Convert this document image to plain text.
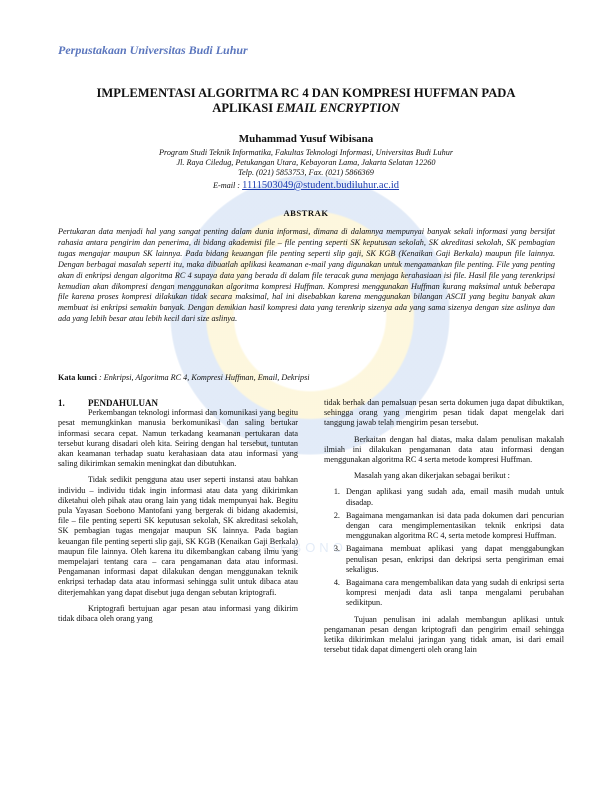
SEBONO
Perpustakaan Universitas Budi Luhur
IMPLEMENTASI ALGORITMA RC 4 DAN KOMPRESI HUFFMAN PADA
APLIKASI EMAIL ENCRYPTION
Muhammad Yusuf Wibisana
Program Studi Teknik Informatika, Fakultas Teknologi Informasi, Universitas Budi Luhur
Jl. Raya Ciledug, Petukangan Utara, Kebayoran Lama, Jakarta Selatan 12260
Telp. (021) 5853753, Fax. (021) 5866369
E-mail : 1111503049@student.budiluhur.ac.id
ABSTRAK

Pertukaran data menjadi hal yang sangat penting dalam dunia informasi, dimana di dalamnya mempunyai banyak sekali informasi yang bersifat rahasia antara pengirim dan penerima, di bidang akademisi file – file penting seperti SK keputusan sekolah, SK akreditasi sekolah, SK pembagian tugas mengajar maupun SK lainnya. Pada bidang keuangan file penting seperti slip gaji, SK KGB (Kenaikan Gaji Berkala) maupun file lainnya. Dengan berbagai masalah seperti itu, maka dibuatlah aplikasi keamanan e-mail yang digunakan untuk mengamankan file penting. File yang penting akan di enkripsi dengan algoritma RC 4 supaya data yang berada di dalam file teracak guna menjaga kerahasiaan isi file. Hasil file yang terenkripsi kemudian akan dikompresi dengan menggunakan algoritma kompresi Huffman. Kompresi menggunakan Huffman kurang maksimal untuk beberapa file karena proses kompresi dilakukan tidak secara maksimal, hal ini disebabkan karena menggunakan bilangan ASCII yang begitu banyak akan membuat isi enkripsi semakin banyak. Dengan demikian hasil kompresi data yang terenkrip sizenya ada yang sama sizenya dengan size aslinya dan ada yang lebih besar atau lebih kecil dari size aslinya.

Kata kunci : Enkripsi, Algoritma RC 4, Kompresi Huffman, Email, Dekripsi
1.	PENDAHULUAN

Perkembangan teknologi informasi dan komunikasi yang begitu pesat memungkinkan manusia berkomunikasi dan saling bertukar informasi secara cepat. Namun terkadang keamanan pertukaran data tersebut kurang disadari oleh kita. Seiring dengan hal tersebut, tuntutan akan keamanan terhadap suatu kerahasiaan data atau informasi yang saling dikirimkan semakin meningkat dan dibutuhkan.

Tidak sedikit pengguna atau user seperti instansi atau bahkan individu – individu tidak ingin informasi atau data yang dikirimkan diketahui oleh pihak atau orang lain yang tidak mempunyai hak. Begitu pula Yayasan Soebono Mantofani yang bergerak di bidang akademisi, file – file penting seperti SK keputusan sekolah, SK akreditasi sekolah, SK pembagian tugas mengajar maupun SK lainnya. Pada bagian keuangan file penting seperti slip gaji, SK KGB (Kenaikan Gaji Berkala) maupun file lainnya. Oleh karena itu dikembangkan cabang ilmu yang mempelajari tentang cara – cara pengamanan data atau informasi. Pengamanan informasi dapat dilakukan dengan menggunakan teknik enkripsi terhadap data atau informasi sehingga sulit untuk dibaca atau diterjemahkan yang dapat disebut juga dengan sebutan kriptografi.

Kriptografi bertujuan agar pesan atau informasi yang dikirim tidak dibaca oleh orang yang

tidak berhak dan pemalsuan pesan serta dokumen juga dapat dibuktikan, sehingga orang yang mengirim pesan tidak dapat mengelak dari tanggung jawab telah mengirim pesan tersebut.

Berkaitan dengan hal diatas, maka dalam penulisan makalah ilmiah ini dilakukan pengamanan data atau informasi dengan menggunakan algoritma RC 4 serta metode kompresi Huffman.

Masalah yang akan dikerjakan sebagai berikut :

1. Dengan aplikasi yang sudah ada, email masih mudah untuk disadap.
2. Bagaimana mengamankan isi data pada dokumen dari pencurian dengan cara mengimplementasikan teknik enkripsi data menggunakan algoritma RC 4, serta metode kompresi Huffman.
3. Bagaimana membuat aplikasi yang dapat menggabungkan penulisan pesan, enkripsi dan dekripsi serta pengiriman emai sekaligus.
4. Bagaimana cara mengembalikan data yang sudah di enkripsi serta kompresi menjadi data asli tanpa mengalami perubahan sedikitpun.

Tujuan penulisan ini adalah membangun aplikasi untuk pengamanan pesan dengan kriptografi dan pengirim email sehingga ketika dikirimkan melalui jaringan yang tidak aman, isi dari email tersebut tidak dapat dimengerti oleh orang lain
